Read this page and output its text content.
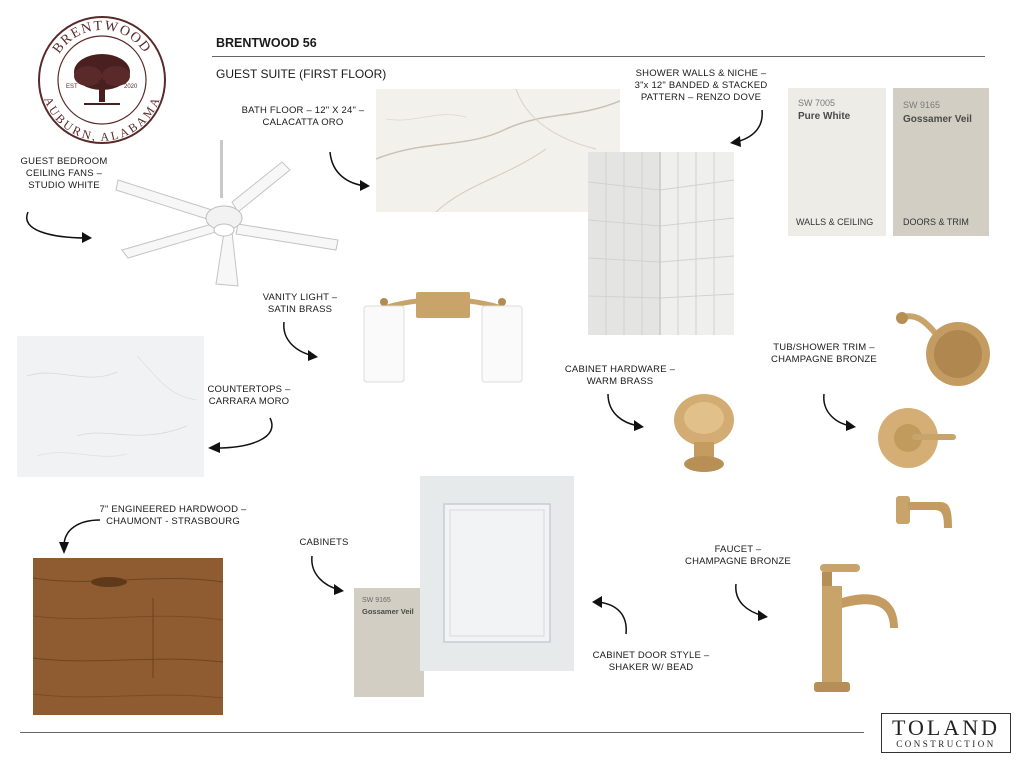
BRENTWOOD
AUBURN, ALABAMA
EST	2020
BRENTWOOD 56
GUEST SUITE (FIRST FLOOR)
GUEST BEDROOM
CEILING FANS –
STUDIO WHITE
BATH FLOOR – 12" X 24" –
CALACATTA ORO
SHOWER WALLS & NICHE –
3"x 12" BANDED & STACKED
PATTERN – RENZO DOVE	SW 7005
Pure White
WALLS & CEILING
SW 9165
Gossamer Veil
DOORS & TRIM
VANITY LIGHT –
SATIN BRASS
COUNTERTOPS –
CARRARA MORO
CABINET HARDWARE –
WARM BRASS
TUB/SHOWER TRIM –
CHAMPAGNE BRONZE
7" ENGINEERED HARDWOOD –
CHAUMONT - STRASBOURG
CABINETS
SW 9165
Gossamer Veil
CABINET DOOR STYLE –
SHAKER W/ BEAD
FAUCET –
CHAMPAGNE BRONZE
TOLAND
CONSTRUCTION
